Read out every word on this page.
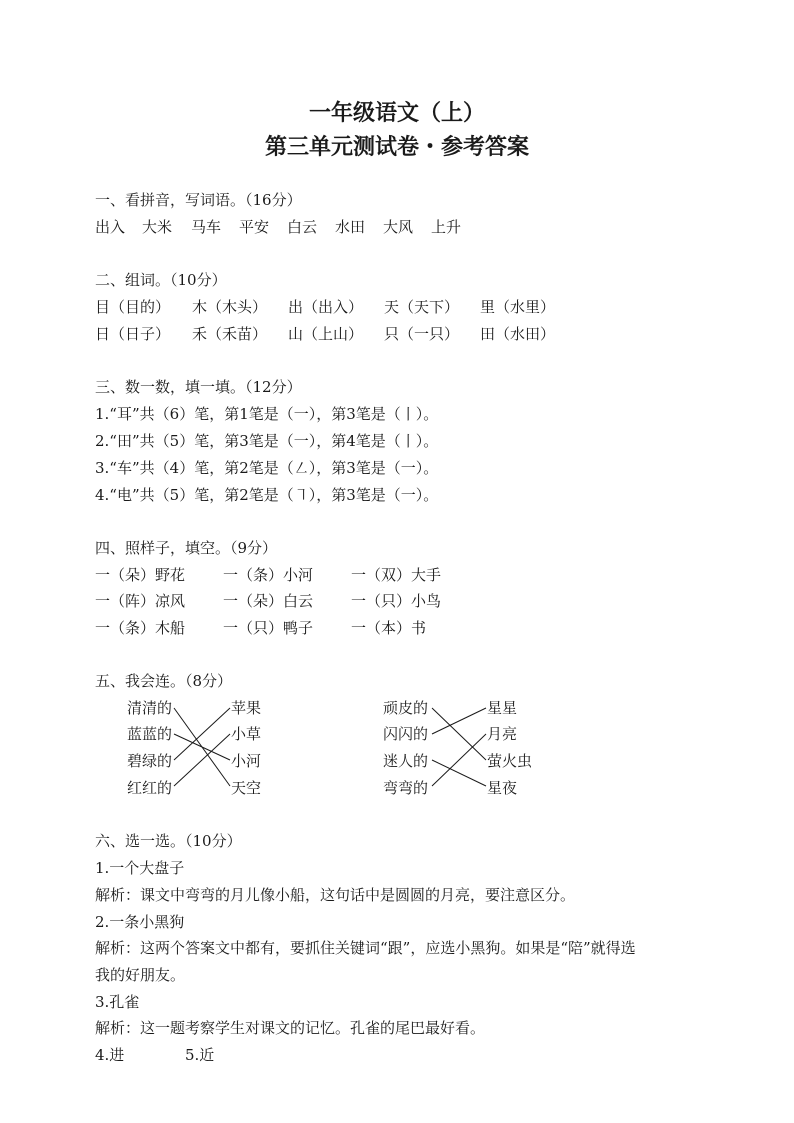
一年级语文（上）
第三单元测试卷・参考答案
一、看拼音，写词语。（16分）
出入 大米 马车 平安 白云 水田 大风 上升
二、组词。（10分）
目（目的） 木（木头） 出（出入） 天（天下） 里（水里）
日（日子） 禾（禾苗） 山（上山） 只（一只） 田（水田）
三、数一数，填一填。（12分）
1.“耳”共（6）笔，第1笔是（一），第3笔是（丨）。
2.“田”共（5）笔，第3笔是（一），第4笔是（丨）。
3.“车”共（4）笔，第2笔是（㇜），第3笔是（一）。
4.“电”共（5）笔，第2笔是（㇕），第3笔是（一）。
四、照样子，填空。（9分）
一（朵）野花	一（条）小河	一（双）大手
一（阵）凉风	一（朵）白云	一（只）小鸟
一（条）木船	一（只）鸭子	一（本）书
五、我会连。（8分）
清清的
蓝蓝的
碧绿的
红红的
苹果
小草
小河
天空
顽皮的
闪闪的
迷人的
弯弯的
星星
月亮
萤火虫
星夜
六、选一选。（10分）
1.一个大盘子
解析：课文中弯弯的月儿像小船，这句话中是圆圆的月亮，要注意区分。
2.一条小黑狗
解析：这两个答案文中都有，要抓住关键词“跟”，应选小黑狗。如果是“陪”就得选
我的好朋友。
3.孔雀
解析：这一题考察学生对课文的记忆。孔雀的尾巴最好看。
4.进	5.近
